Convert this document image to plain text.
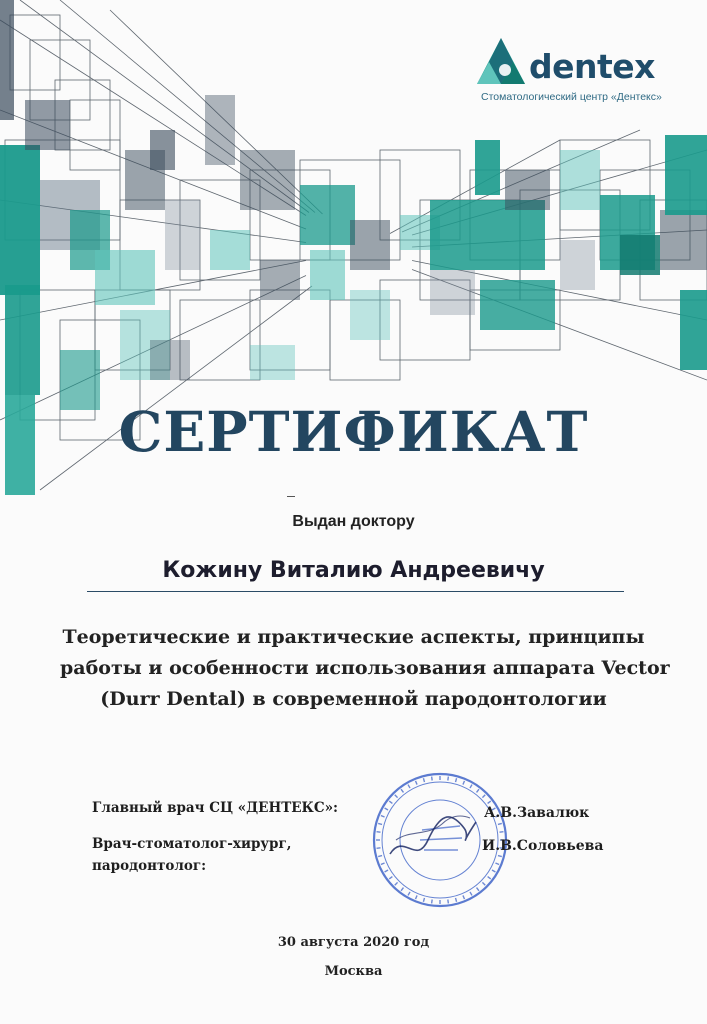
dentex
Стоматологический центр «Дентекс»
СЕРТИФИКАТ
Выдан доктору
Кожину Виталию Андреевичу
Теоретические и практические аспекты, принципы
работы и особенности использования аппарата Vector
(Durr Dental) в современной пародонтологии
Главный врач СЦ «ДЕНТЕКС»:
Врач-стоматолог-хирург,
пародонтолог:
А.В.Завалюк
И.В.Соловьева
30 августа 2020 год
Москва
